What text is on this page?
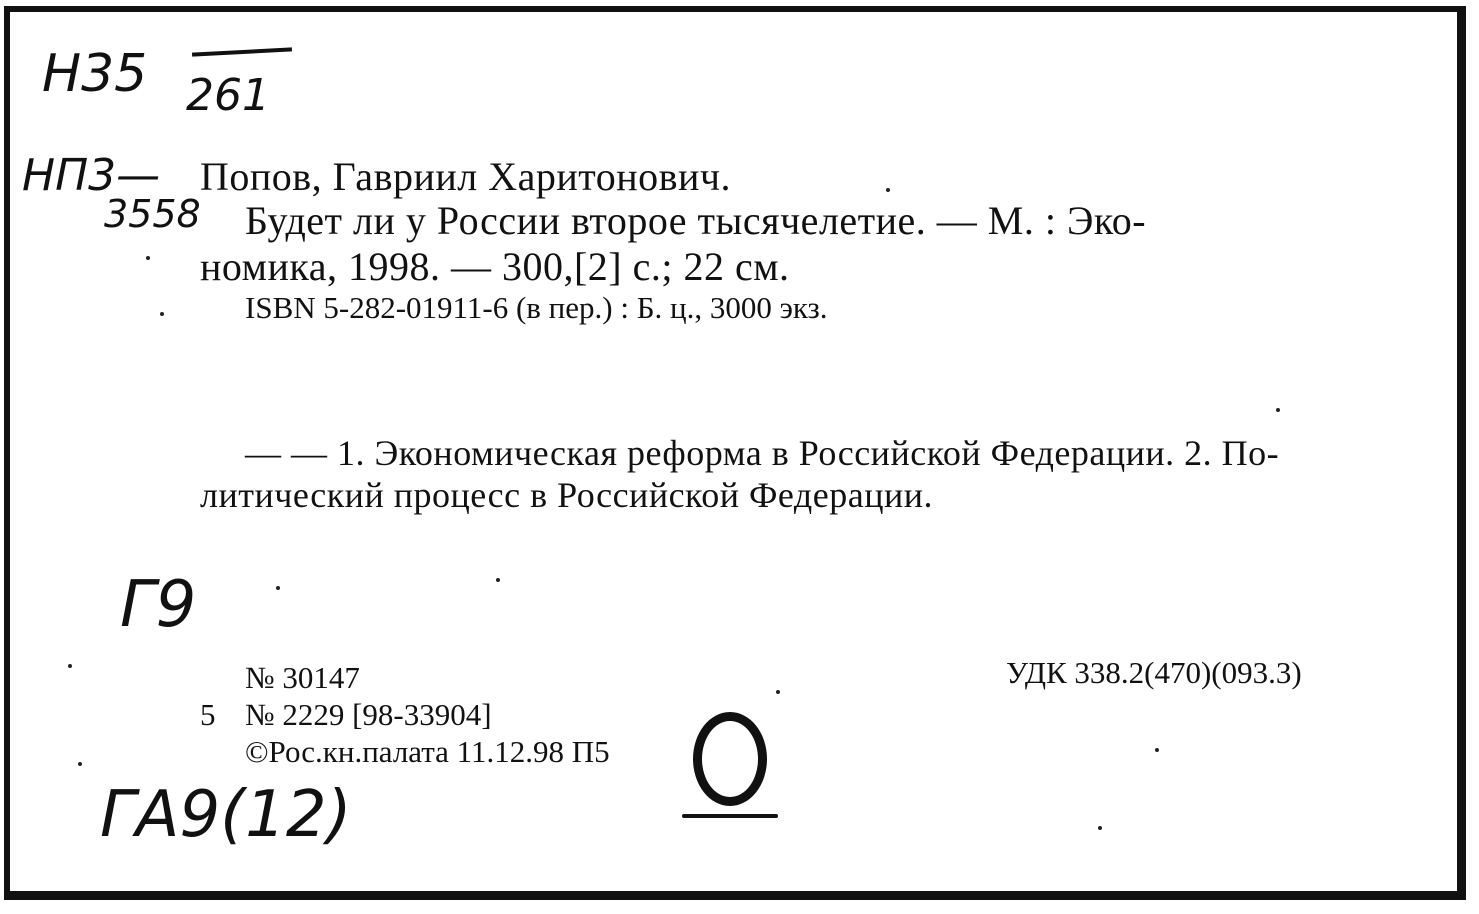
Н35 261
НП3—
3558
Попов, Гавриил Харитонович.
Будет ли у России второе тысячелетие. — М. : Эко-
номика, 1998. — 300,[2] с.; 22 см.
ISBN 5-282-01911-6 (в пер.) : Б. ц., 3000 экз.
— — 1. Экономическая реформа в Российской Федерации. 2. По-
литический процесс в Российской Федерации.
Г9
№ 30147
5 № 2229 [98-33904]
©Рос.кн.палата 11.12.98 П5
УДК 338.2(470)(093.3)
ГА9(12)
